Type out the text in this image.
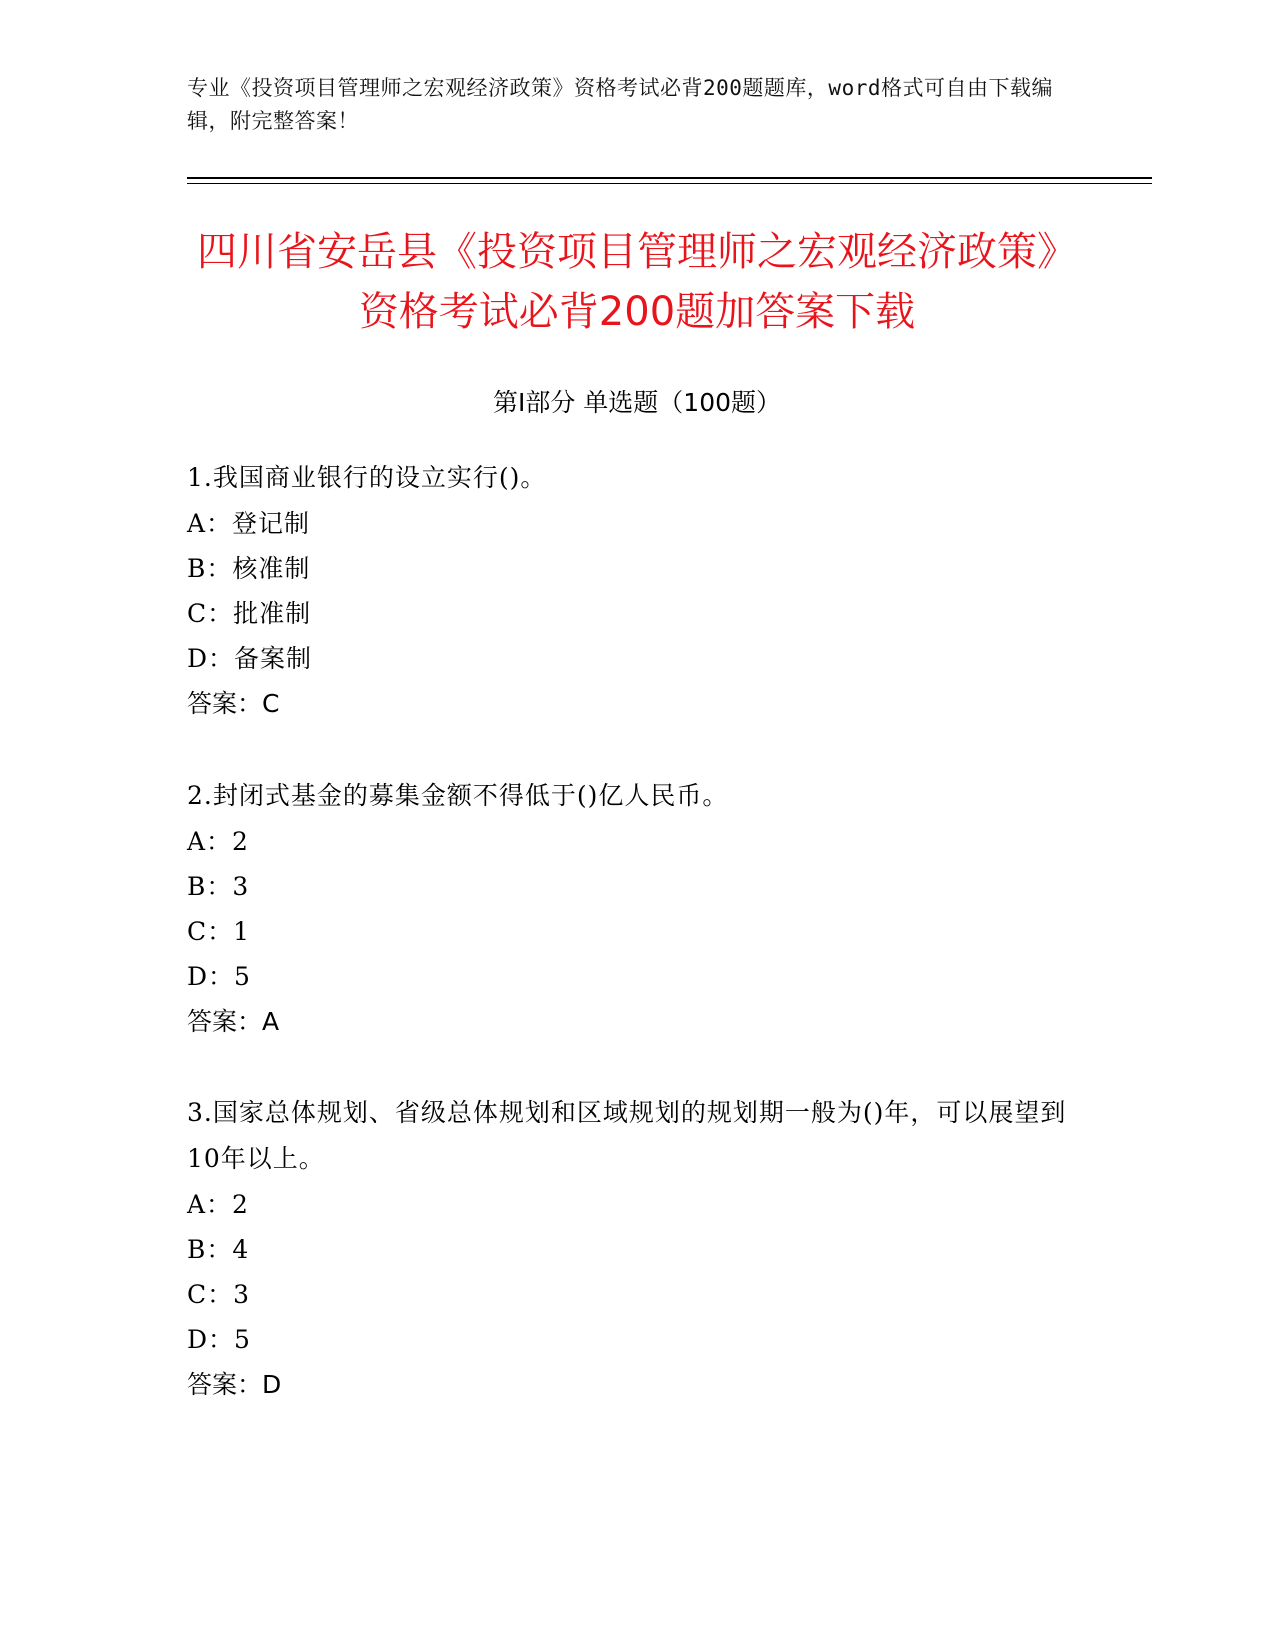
专业《投资项目管理师之宏观经济政策》资格考试必背200题题库，word格式可自由下载编辑，附完整答案！
四川省安岳县《投资项目管理师之宏观经济政策》资格考试必背200题加答案下载
第Ⅰ部分 单选题（100题）
1.我国商业银行的设立实行()。
A：登记制
B：核准制
C：批准制
D：备案制
答案：C
2.封闭式基金的募集金额不得低于()亿人民币。
A：2
B：3
C：1
D：5
答案：A
3.国家总体规划、省级总体规划和区域规划的规划期一般为()年，可以展望到10年以上。
A：2
B：4
C：3
D：5
答案：D
